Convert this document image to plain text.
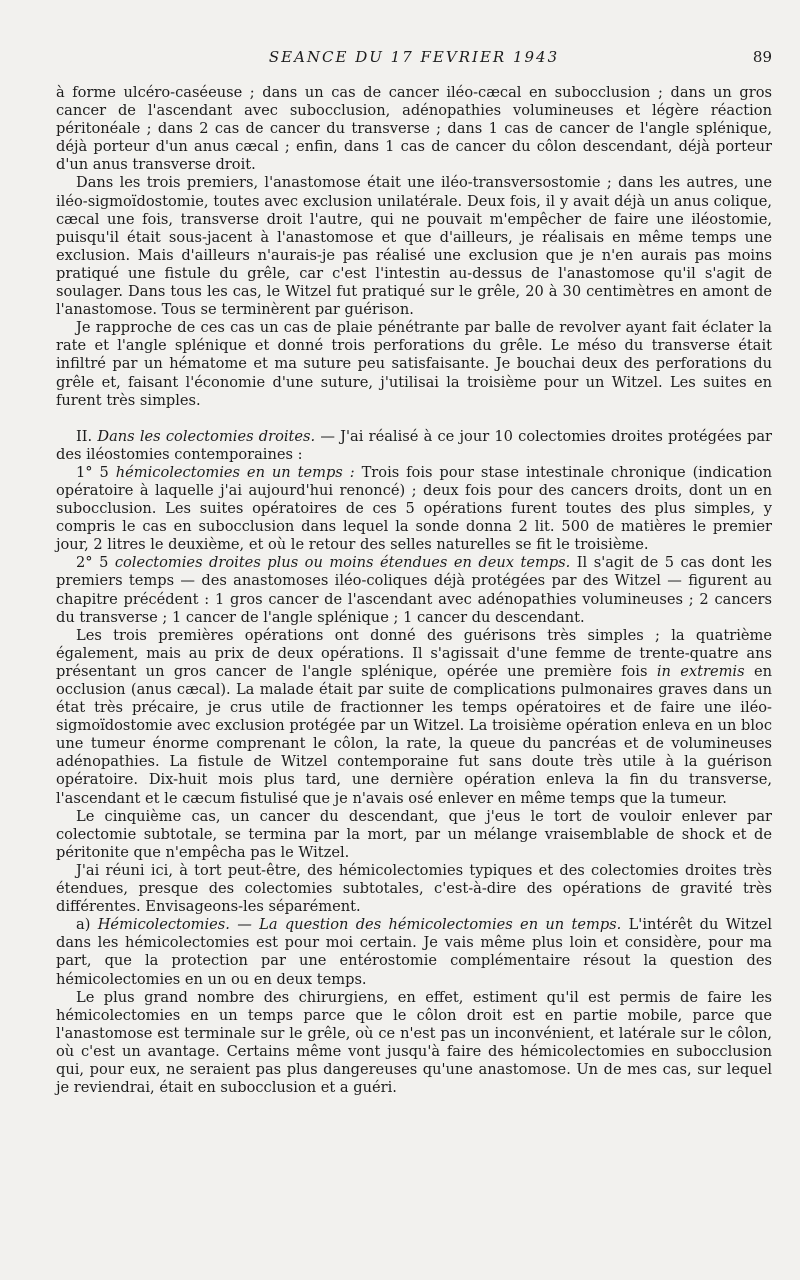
SEANCE DU 17 FEVRIER 1943	89

à forme ulcéro-caséeuse ; dans un cas de cancer iléo-cæcal en subocclusion ; dans un gros cancer de l'ascendant avec subocclusion, adénopathies volumineuses et légère réaction péritonéale ; dans 2 cas de cancer du transverse ; dans 1 cas de cancer de l'angle splénique, déjà porteur d'un anus cæcal ; enfin, dans 1 cas de cancer du côlon descendant, déjà porteur d'un anus transverse droit.

Dans les trois premiers, l'anastomose était une iléo-transversostomie ; dans les autres, une iléo-sigmoïdostomie, toutes avec exclusion unilatérale. Deux fois, il y avait déjà un anus colique, cæcal une fois, transverse droit l'autre, qui ne pouvait m'empêcher de faire une iléostomie, puisqu'il était sous-jacent à l'anastomose et que d'ailleurs, je réalisais en même temps une exclusion. Mais d'ailleurs n'aurais-je pas réalisé une exclusion que je n'en aurais pas moins pratiqué une fistule du grêle, car c'est l'intestin au-dessus de l'anastomose qu'il s'agit de soulager. Dans tous les cas, le Witzel fut pratiqué sur le grêle, 20 à 30 centimètres en amont de l'anastomose. Tous se terminèrent par guérison.

Je rapproche de ces cas un cas de plaie pénétrante par balle de revolver ayant fait éclater la rate et l'angle splénique et donné trois perforations du grêle. Le méso du transverse était infiltré par un hématome et ma suture peu satisfaisante. Je bouchai deux des perforations du grêle et, faisant l'économie d'une suture, j'utilisai la troisième pour un Witzel. Les suites en furent très simples.

II. Dans les colectomies droites. — J'ai réalisé à ce jour 10 colectomies droites protégées par des iléostomies contemporaines :

1° 5 hémicolectomies en un temps : Trois fois pour stase intestinale chronique (indication opératoire à laquelle j'ai aujourd'hui renoncé) ; deux fois pour des cancers droits, dont un en subocclusion. Les suites opératoires de ces 5 opérations furent toutes des plus simples, y compris le cas en subocclusion dans lequel la sonde donna 2 lit. 500 de matières le premier jour, 2 litres le deuxième, et où le retour des selles naturelles se fit le troisième.

2° 5 colectomies droites plus ou moins étendues en deux temps. Il s'agit de 5 cas dont les premiers temps — des anastomoses iléo-coliques déjà protégées par des Witzel — figurent au chapitre précédent : 1 gros cancer de l'ascendant avec adénopathies volumineuses ; 2 cancers du transverse ; 1 cancer de l'angle splénique ; 1 cancer du descendant.

Les trois premières opérations ont donné des guérisons très simples ; la quatrième également, mais au prix de deux opérations. Il s'agissait d'une femme de trente-quatre ans présentant un gros cancer de l'angle splénique, opérée une première fois in extremis en occlusion (anus cæcal). La malade était par suite de complications pulmonaires graves dans un état très précaire, je crus utile de fractionner les temps opératoires et de faire une iléo-sigmoïdostomie avec exclusion protégée par un Witzel. La troisième opération enleva en un bloc une tumeur énorme comprenant le côlon, la rate, la queue du pancréas et de volumineuses adénopathies. La fistule de Witzel contemporaine fut sans doute très utile à la guérison opératoire. Dix-huit mois plus tard, une dernière opération enleva la fin du transverse, l'ascendant et le cæcum fistulisé que je n'avais osé enlever en même temps que la tumeur.

Le cinquième cas, un cancer du descendant, que j'eus le tort de vouloir enlever par colectomie subtotale, se termina par la mort, par un mélange vraisemblable de shock et de péritonite que n'empêcha pas le Witzel.

J'ai réuni ici, à tort peut-être, des hémicolectomies typiques et des colectomies droites très étendues, presque des colectomies subtotales, c'est-à-dire des opérations de gravité très différentes. Envisageons-les séparément.

a) Hémicolectomies. — La question des hémicolectomies en un temps. L'intérêt du Witzel dans les hémicolectomies est pour moi certain. Je vais même plus loin et considère, pour ma part, que la protection par une entérostomie complémentaire résout la question des hémicolectomies en un ou en deux temps.

Le plus grand nombre des chirurgiens, en effet, estiment qu'il est permis de faire les hémicolectomies en un temps parce que le côlon droit est en partie mobile, parce que l'anastomose est terminale sur le grêle, où ce n'est pas un inconvénient, et latérale sur le côlon, où c'est un avantage. Certains même vont jusqu'à faire des hémicolectomies en subocclusion qui, pour eux, ne seraient pas plus dangereuses qu'une anastomose. Un de mes cas, sur lequel je reviendrai, était en subocclusion et a guéri.
